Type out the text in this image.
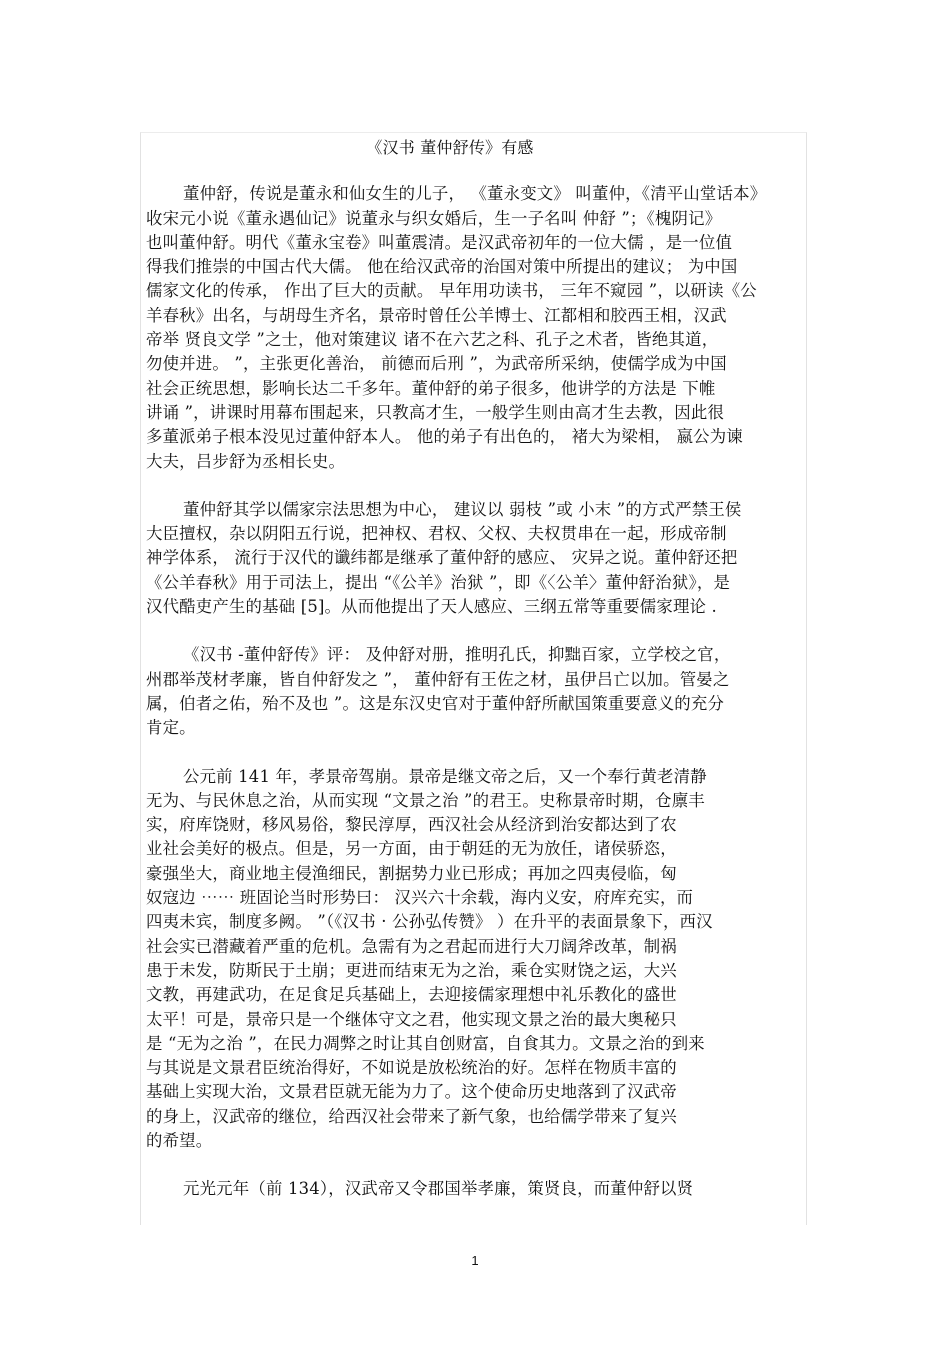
《汉书 董仲舒传》有感
董仲舒，传说是董永和仙女生的儿子， 《董永变文》 叫董仲，《清平山堂话本》
收宋元小说《董永遇仙记》说董永与织女婚后，生一子名叫 仲舒 ”；《槐阴记》
也叫董仲舒。明代《董永宝卷》叫董震清。是汉武帝初年的一位大儒 ，是一位值
得我们推崇的中国古代大儒。 他在给汉武帝的治国对策中所提出的建议； 为中国
儒家文化的传承， 作出了巨大的贡献。 早年用功读书， 三年不窥园 ”，以研读《公
羊春秋》出名，与胡母生齐名，景帝时曾任公羊博士、江都相和胶西王相，汉武
帝举 贤良文学 ”之士，他对策建议 诸不在六艺之科、孔子之术者，皆绝其道，
勿使并进。 ”，主张更化善治， 前德而后刑 ”，为武帝所采纳，使儒学成为中国
社会正统思想，影响长达二千多年。董仲舒的弟子很多，他讲学的方法是 下帷
讲诵 ”，讲课时用幕布围起来，只教高才生，一般学生则由高才生去教，因此很
多董派弟子根本没见过董仲舒本人。 他的弟子有出色的， 褚大为梁相， 嬴公为谏
大夫，吕步舒为丞相长史。
董仲舒其学以儒家宗法思想为中心， 建议以 弱枝 ”或 小末 ”的方式严禁王侯
大臣擅权，杂以阴阳五行说，把神权、君权、父权、夫权贯串在一起，形成帝制
神学体系， 流行于汉代的谶纬都是继承了董仲舒的感应、 灾异之说。董仲舒还把
《公羊春秋》用于司法上，提出 “《公羊》治狱 ”，即《〈公羊〉董仲舒治狱》，是
汉代酷吏产生的基础 [5]。从而他提出了天人感应、三纲五常等重要儒家理论 .
《汉书 -董仲舒传》评： 及仲舒对册，推明孔氏，抑黜百家，立学校之官，
州郡举茂材孝廉，皆自仲舒发之 ”， 董仲舒有王佐之材，虽伊吕亡以加。管晏之
属，伯者之佑，殆不及也 ”。这是东汉史官对于董仲舒所献国策重要意义的充分
肯定。
公元前 141 年，孝景帝驾崩。景帝是继文帝之后，又一个奉行黄老清静
无为、与民休息之治，从而实现 “文景之治 ”的君王。史称景帝时期，仓廪丰
实，府库饶财，移风易俗，黎民淳厚，西汉社会从经济到治安都达到了农
业社会美好的极点。但是，另一方面，由于朝廷的无为放任，诸侯骄恣，
豪强坐大，商业地主侵渔细民，割据势力业已形成；再加之四夷侵临，匈
奴寇边 ⋯⋯ 班固论当时形势曰： 汉兴六十余载，海内义安，府库充实，而
四夷未宾，制度多阙。 ”（《汉书 · 公孙弘传赞》 ）在升平的表面景象下，西汉
社会实已潜藏着严重的危机。急需有为之君起而进行大刀阔斧改革，制祸
患于未发，防斯民于土崩；更进而结束无为之治，乘仓实财饶之运，大兴
文教，再建武功，在足食足兵基础上，去迎接儒家理想中礼乐教化的盛世
太平！可是，景帝只是一个继体守文之君，他实现文景之治的最大奥秘只
是 “无为之治 ”，在民力凋弊之时让其自创财富，自食其力。文景之治的到来
与其说是文景君臣统治得好，不如说是放松统治的好。怎样在物质丰富的
基础上实现大治，文景君臣就无能为力了。这个使命历史地落到了汉武帝
的身上，汉武帝的继位，给西汉社会带来了新气象，也给儒学带来了复兴
的希望。
元光元年（前 134），汉武帝又令郡国举孝廉，策贤良，而董仲舒以贤
1
